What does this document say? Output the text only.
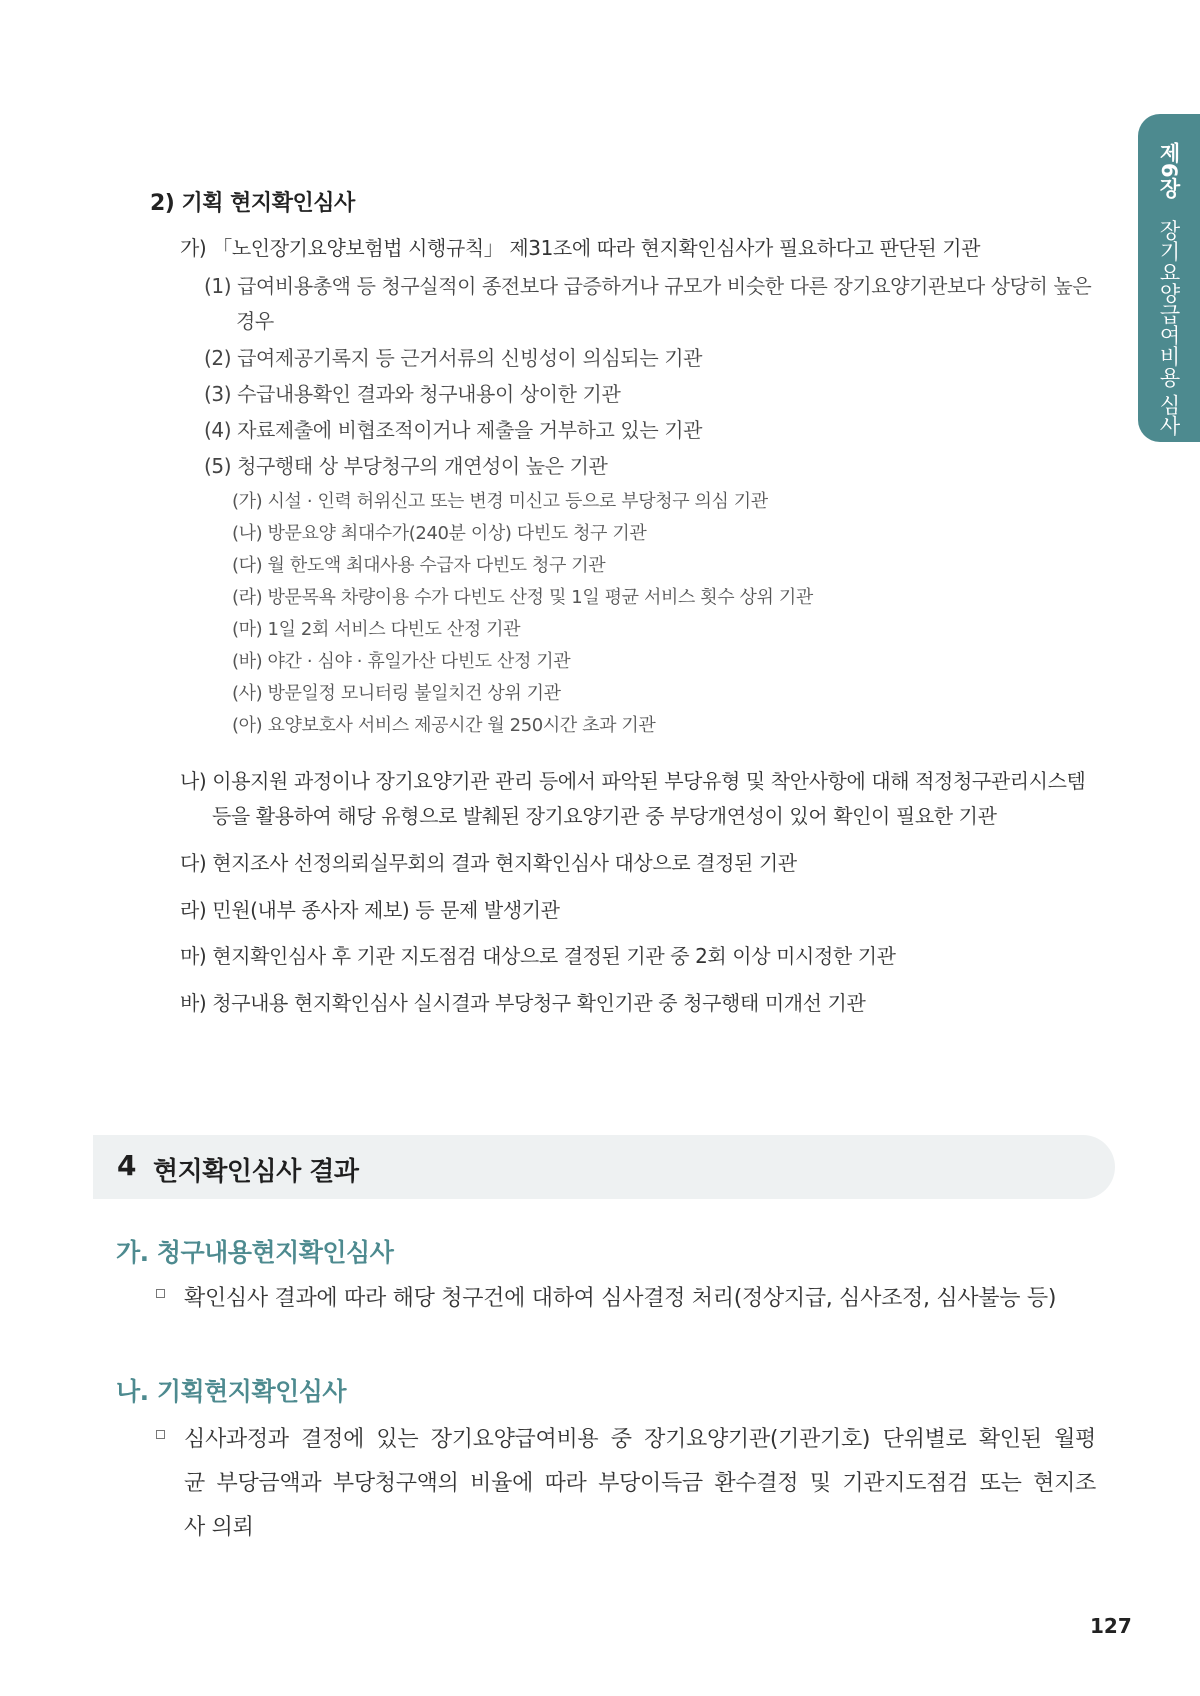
제6장 장기요양급여비용 심사
2) 기획 현지확인심사
가) 「노인장기요양보험법 시행규칙」 제31조에 따라 현지확인심사가 필요하다고 판단된 기관
(1) 급여비용총액 등 청구실적이 종전보다 급증하거나 규모가 비슷한 다른 장기요양기관보다 상당히 높은
경우
(2) 급여제공기록지 등 근거서류의 신빙성이 의심되는 기관
(3) 수급내용확인 결과와 청구내용이 상이한 기관
(4) 자료제출에 비협조적이거나 제출을 거부하고 있는 기관
(5) 청구행태 상 부당청구의 개연성이 높은 기관
(가) 시설 · 인력 허위신고 또는 변경 미신고 등으로 부당청구 의심 기관
(나) 방문요양 최대수가(240분 이상) 다빈도 청구 기관
(다) 월 한도액 최대사용 수급자 다빈도 청구 기관
(라) 방문목욕 차량이용 수가 다빈도 산정 및 1일 평균 서비스 횟수 상위 기관
(마) 1일 2회 서비스 다빈도 산정 기관
(바) 야간 · 심야 · 휴일가산 다빈도 산정 기관
(사) 방문일정 모니터링 불일치건 상위 기관
(아) 요양보호사 서비스 제공시간 월 250시간 초과 기관
나) 이용지원 과정이나 장기요양기관 관리 등에서 파악된 부당유형 및 착안사항에 대해 적정청구관리시스템
등을 활용하여 해당 유형으로 발췌된 장기요양기관 중 부당개연성이 있어 확인이 필요한 기관
다) 현지조사 선정의뢰실무회의 결과 현지확인심사 대상으로 결정된 기관
라) 민원(내부 종사자 제보) 등 문제 발생기관
마) 현지확인심사 후 기관 지도점검 대상으로 결정된 기관 중 2회 이상 미시정한 기관
바) 청구내용 현지확인심사 실시결과 부당청구 확인기관 중 청구행태 미개선 기관
4 현지확인심사 결과
가. 청구내용현지확인심사
확인심사 결과에 따라 해당 청구건에 대하여 심사결정 처리(정상지급, 심사조정, 심사불능 등)
나. 기획현지확인심사
심사과정과 결정에 있는 장기요양급여비용 중 장기요양기관(기관기호) 단위별로 확인된 월평
균 부당금액과 부당청구액의 비율에 따라 부당이득금 환수결정 및 기관지도점검 또는 현지조
사 의뢰
127
